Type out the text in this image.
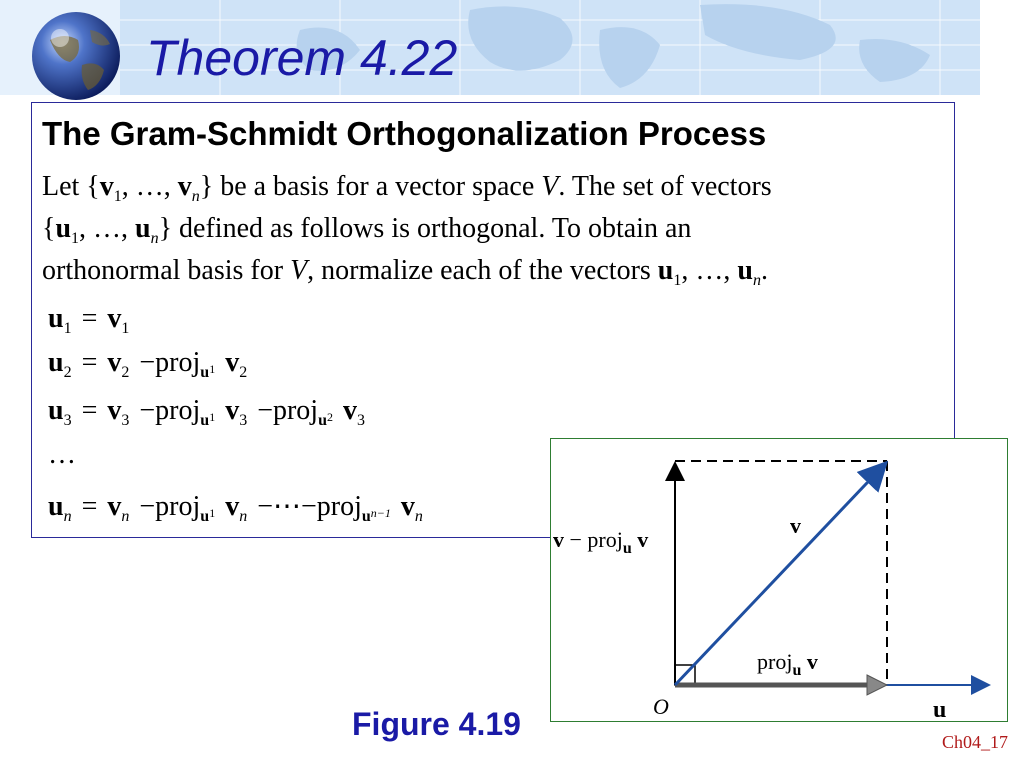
Theorem 4.22
The Gram-Schmidt Orthogonalization Process
Let {$v_1$, …, $v_n$} be a basis for a vector space V. The set of vectors
{$u_1$, …, $u_n$} defined as follows is orthogonal. To obtain an
orthonormal basis for V, normalize each of the vectors $u_1$, …, $u_n$.
$u_1 = v_1$
$u_2 = v_2$ −proj$_u$1 $v_2$
$u_3 = v_3$ −proj$_u$1 $v_3$ −proj$_u$2 $v_3$
…
$u_n = v_n$ −proj$_u$1 $v_n$ −⋯−proj$_u$n−1 $v_n$	v
v − proj$_u$ v
proj$_u$ v
O	u
Figure 4.19	Ch04_17
